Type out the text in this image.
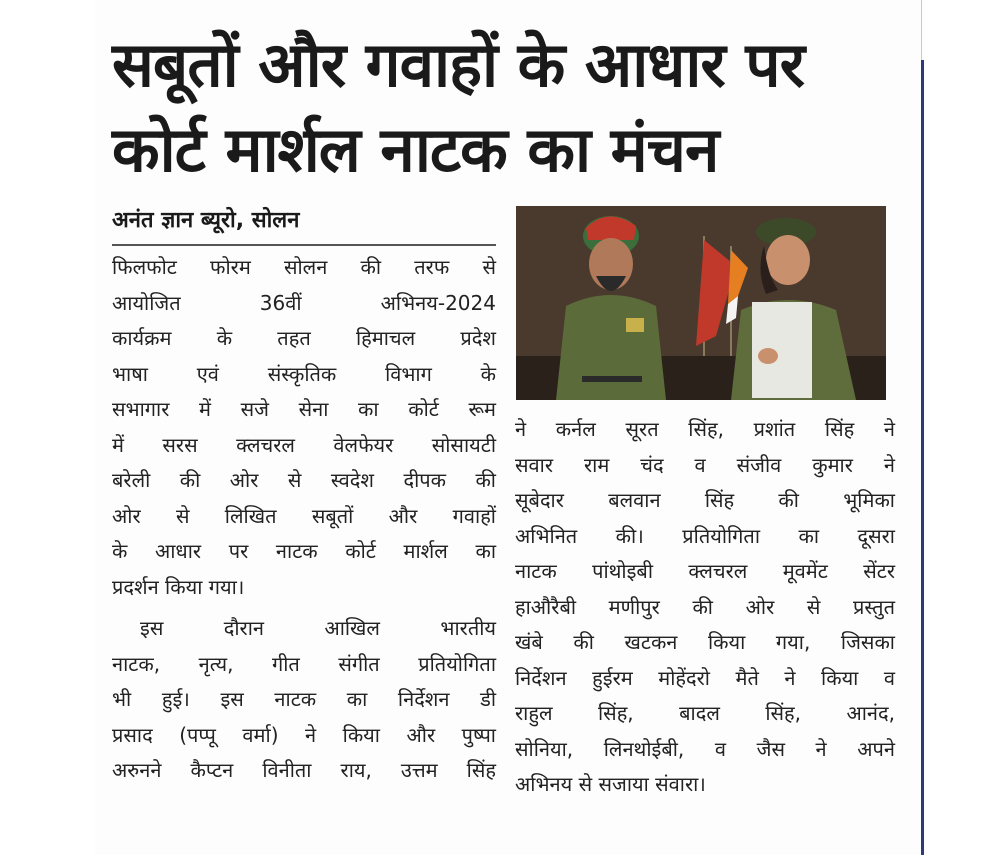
सबूतों और गवाहों के आधार पर
कोर्ट मार्शल नाटक का मंचन
अनंत ज्ञान ब्यूरो, सोलन
फिलफोट फोरम सोलन की तरफ से
आयोजित 36वीं अभिनय-2024
कार्यक्रम के तहत हिमाचल प्रदेश
भाषा एवं संस्कृतिक विभाग के
सभागार में सजे सेना का कोर्ट रूम
में सरस क्लचरल वेलफेयर सोसायटी
बरेली की ओर से स्वदेश दीपक की
ओर से लिखित सबूतों और गवाहों
के आधार पर नाटक कोर्ट मार्शल का
प्रदर्शन किया गया।
इस दौरान आखिल भारतीय
नाटक, नृत्य, गीत संगीत प्रतियोगिता
भी हुई। इस नाटक का निर्देशन डी
प्रसाद (पप्पू वर्मा) ने किया और पुष्पा
अरुनने कैप्टन विनीता राय, उत्तम सिंह
ने कर्नल सूरत सिंह, प्रशांत सिंह ने
सवार राम चंद व संजीव कुमार ने
सूबेदार बलवान सिंह की भूमिका
अभिनित की। प्रतियोगिता का दूसरा
नाटक पांथोइबी क्लचरल मूवमेंट सेंटर
हाऔरैबी मणीपुर की ओर से प्रस्तुत
खंबे की खटकन किया गया, जिसका
निर्देशन हुईरम मोहेंदरो मैते ने किया व
राहुल सिंह, बादल सिंह, आनंद,
सोनिया, लिनथोईबी, व जैस ने अपने
अभिनय से सजाया संवारा।
